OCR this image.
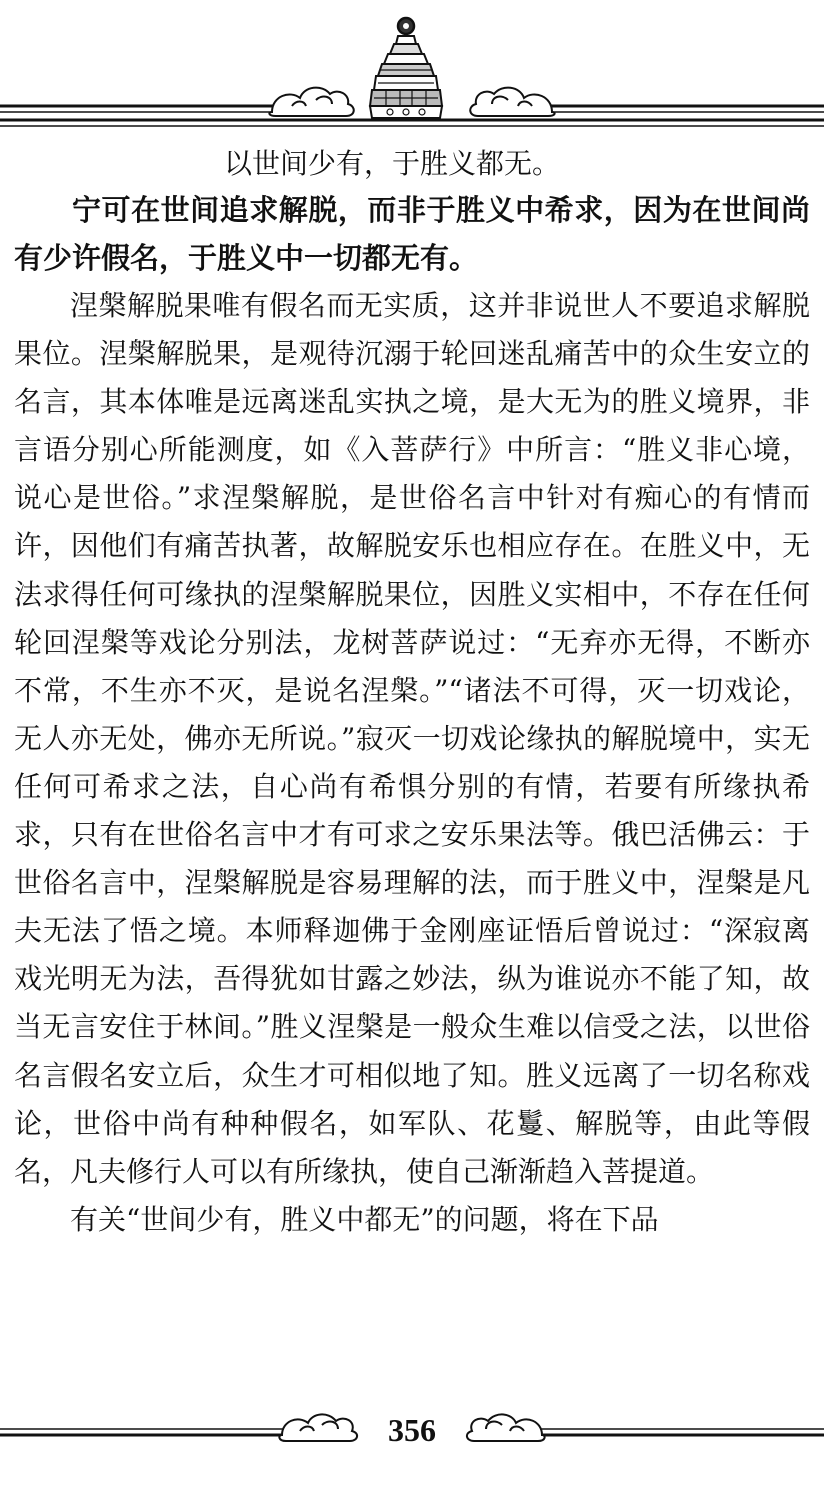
以世间少有，于胜义都无。

宁可在世间追求解脱，而非于胜义中希求，因为在世间尚有少许假名，于胜义中一切都无有。

涅槃解脱果唯有假名而无实质，这并非说世人不要追求解脱果位。涅槃解脱果，是观待沉溺于轮回迷乱痛苦中的众生安立的名言，其本体唯是远离迷乱实执之境，是大无为的胜义境界，非言语分别心所能测度，如《入菩萨行》中所言：“胜义非心境，说心是世俗。”求涅槃解脱，是世俗名言中针对有痴心的有情而许，因他们有痛苦执著，故解脱安乐也相应存在。在胜义中，无法求得任何可缘执的涅槃解脱果位，因胜义实相中，不存在任何轮回涅槃等戏论分别法，龙树菩萨说过：“无弃亦无得，不断亦不常，不生亦不灭，是说名涅槃。”“诸法不可得，灭一切戏论，无人亦无处，佛亦无所说。”寂灭一切戏论缘执的解脱境中，实无任何可希求之法，自心尚有希惧分别的有情，若要有所缘执希求，只有在世俗名言中才有可求之安乐果法等。俄巴活佛云：于世俗名言中，涅槃解脱是容易理解的法，而于胜义中，涅槃是凡夫无法了悟之境。本师释迦佛于金刚座证悟后曾说过：“深寂离戏光明无为法，吾得犹如甘露之妙法，纵为谁说亦不能了知，故当无言安住于林间。”胜义涅槃是一般众生难以信受之法，以世俗名言假名安立后，众生才可相似地了知。胜义远离了一切名称戏论，世俗中尚有种种假名，如军队、花鬘、解脱等，由此等假名，凡夫修行人可以有所缘执，使自己渐渐趋入菩提道。

有关“世间少有，胜义中都无”的问题，将在下品

356
